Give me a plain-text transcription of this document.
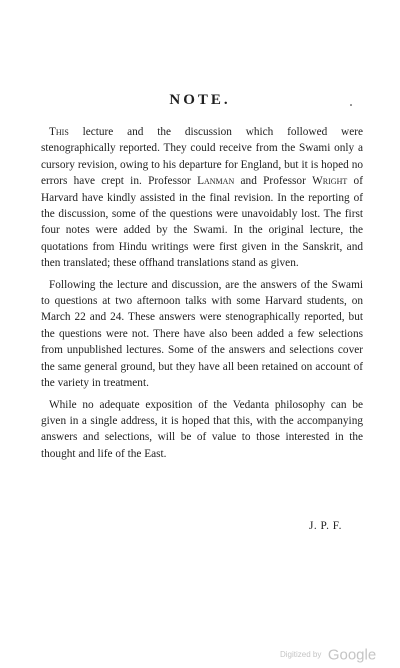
NOTE.

This lecture and the discussion which followed were stenographically reported. They could receive from the Swami only a cursory revision, owing to his departure for England, but it is hoped no errors have crept in. Professor Lanman and Professor Wright of Harvard have kindly assisted in the final revision. In the reporting of the discussion, some of the questions were unavoidably lost. The first four notes were added by the Swami. In the original lecture, the quotations from Hindu writings were first given in the Sanskrit, and then translated; these offhand translations stand as given.

Following the lecture and discussion, are the answers of the Swami to questions at two afternoon talks with some Harvard students, on March 22 and 24. These answers were stenographically reported, but the questions were not. There have also been added a few selections from unpublished lectures. Some of the answers and selections cover the same general ground, but they have all been retained on account of the variety in treatment.

While no adequate exposition of the Vedanta philosophy can be given in a single address, it is hoped that this, with the accompanying answers and selections, will be of value to those interested in the thought and life of the East.

J. P. F.
Digitized by Google
